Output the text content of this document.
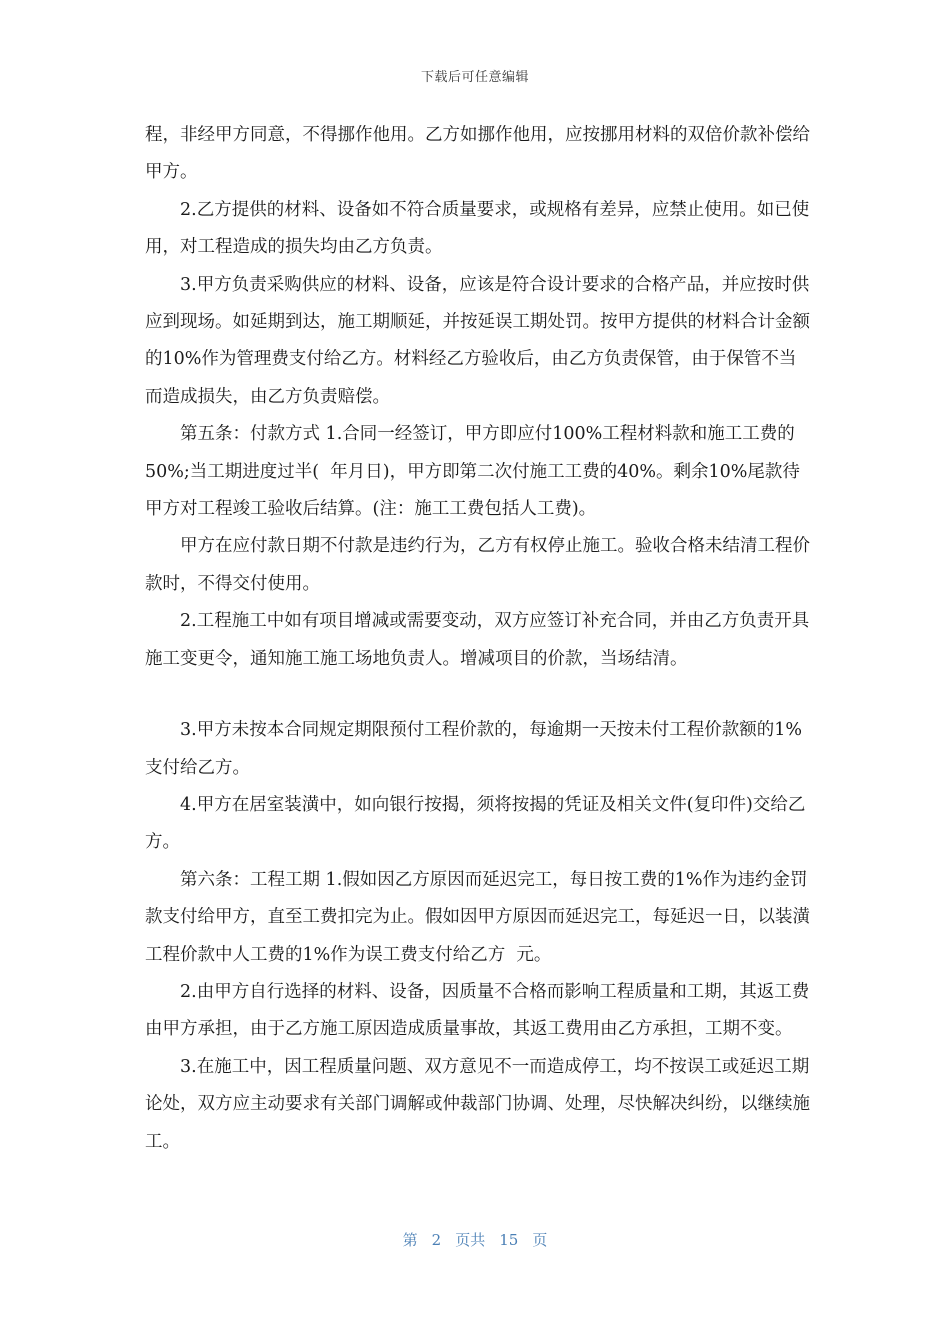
下载后可任意编辑

程，非经甲方同意，不得挪作他用。乙方如挪作他用，应按挪用材料的双倍价款补偿给甲方。

2.乙方提供的材料、设备如不符合质量要求，或规格有差异，应禁止使用。如已使用，对工程造成的损失均由乙方负责。

3.甲方负责采购供应的材料、设备，应该是符合设计要求的合格产品，并应按时供应到现场。如延期到达，施工期顺延，并按延误工期处罚。按甲方提供的材料合计金额的10%作为管理费支付给乙方。材料经乙方验收后，由乙方负责保管，由于保管不当而造成损失，由乙方负责赔偿。

第五条：付款方式 1.合同一经签订，甲方即应付100%工程材料款和施工工费的50%;当工期进度过半(  年月日)，甲方即第二次付施工工费的40%。剩余10%尾款待甲方对工程竣工验收后结算。(注：施工工费包括人工费)。

甲方在应付款日期不付款是违约行为，乙方有权停止施工。验收合格未结清工程价款时，不得交付使用。

2.工程施工中如有项目增减或需要变动，双方应签订补充合同，并由乙方负责开具施工变更令，通知施工施工场地负责人。增减项目的价款，当场结清。

3.甲方未按本合同规定期限预付工程价款的，每逾期一天按未付工程价款额的1%支付给乙方。

4.甲方在居室装潢中，如向银行按揭，须将按揭的凭证及相关文件(复印件)交给乙方。

第六条：工程工期 1.假如因乙方原因而延迟完工，每日按工费的1%作为违约金罚款支付给甲方，直至工费扣完为止。假如因甲方原因而延迟完工，每延迟一日，以装潢工程价款中人工费的1%作为误工费支付给乙方  元。

2.由甲方自行选择的材料、设备，因质量不合格而影响工程质量和工期，其返工费由甲方承担，由于乙方施工原因造成质量事故，其返工费用由乙方承担，工期不变。

3.在施工中，因工程质量问题、双方意见不一而造成停工，均不按误工或延迟工期论处，双方应主动要求有关部门调解或仲裁部门协调、处理，尽快解决纠纷，以继续施工。

第 2 页共 15 页
